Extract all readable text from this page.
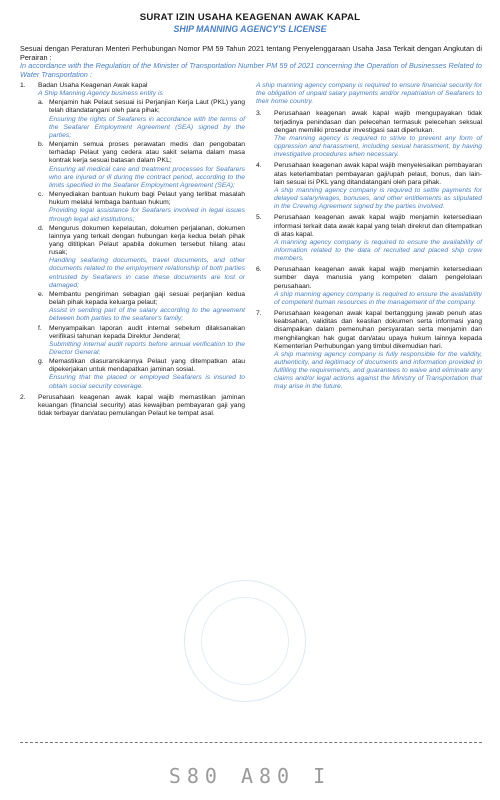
SURAT IZIN USAHA KEAGENAN AWAK KAPAL
SHIP MANNING AGENCY'S LICENSE

Sesuai dengan Peraturan Menteri Perhubungan Nomor PM 59 Tahun 2021 tentang Penyelenggaraan Usaha Jasa Terkait dengan Angkutan di Perairan :

In accordance with the Regulation of the Minister of Transportation Number PM 59 of 2021 concerning the Operation of Businesses Related to Water Transportation :

1. Badan Usaha Keagenan Awak kapal

A Ship Manning Agency business entity is

a. Menjamin hak Pelaut sesuai isi Perjanjian Kerja Laut (PKL) yang telah ditandatangani oleh para pihak;

Ensuring the rights of Seafarers in accordance with the terms of the Seafarer Employment Agreement (SEA) signed by the parties;

b. Menjamin semua proses perawatan medis dan pengobatan terhadap Pelaut yang cedera atau sakit selama dalam masa kontrak kerja sesuai batasan dalam PKL;

Ensuring all medical care and treatment processes for Seafarers who are injured or ill during the contract period, according to the limits specified in the Seafarer Employment Agreement (SEA);

c. Menyediakan bantuan hukum bagi Pelaut yang terlibat masalah hukum melalui lembaga bantuan hukum;

Providing legal assistance for Seafarers involved in legal issues through legal aid institutions;

d. Mengurus dokumen kepelautan, dokumen perjalanan, dokumen lainnya yang terkait dengan hubungan kerja kedua belah pihak yang dititipkan Pelaut apabila dokumen tersebut hilang atau rusak;

Handling seafaring documents, travel documents, and other documents related to the employment relationship of both parties entrusted by Seafarers in case these documents are lost or damaged;

e. Membantu pengiriman sebagian gaji sesuai perjanjian kedua belah pihak kepada keluarga pelaut;

Assist in sending part of the salary according to the agreement between both parties to the seafarer's family;

f. Menyampaikan laporan audit internal sebelum dilaksanakan verifikasi tahunan kepada Direktur Jenderal;

Submitting internal audit reports before annual verification to the Director General;

g. Memastikan diasuransikannya Pelaut yang ditempatkan atau dipekerjakan untuk mendapatkan jaminan sosial.

Ensuring that the placed or employed Seafarers is insured to obtain social security coverage.

2. Perusahaan keagenan awak kapal wajib memastikan jaminan keuangan (financial security) atas kewajiban pembayaran gaji yang tidak terbayar dan/atau pemulangan Pelaut ke tempat asal.

A ship manning agency company is required to ensure financial security for the obligation of unpaid salary payments and/or repatriation of Seafarers to their home country.

3. Perusahaan keagenan awak kapal wajib mengupayakan tidak terjadinya penindasan dan pelecehan termasuk pelecehan seksual dengan memiliki prosedur investigasi saat diperlukan.

The manning agency is required to strive to prevent any form of oppression and harassment, including sexual harassment, by having investigative procedures when necessary.

4. Perusahaan keagenan awak kapal wajib menyelesaikan pembayaran atas keterlambatan pembayaran gaji/upah pelaut, bonus, dan lain-lain sesuai isi PKL yang ditandatangani oleh para pihak.

A ship manning agency company is required to settle payments for delayed salary/wages, bonuses, and other entitlements as stipulated in the Crewing Agreement signed by the parties involved.

5. Perusahaan keagenan awak kapal wajib menjamin ketersediaan informasi terkait data awak kapal yang telah direkrut dan ditempatkan di atas kapal.

A manning agency company is required to ensure the availability of information related to the data of recruited and placed ship crew members.

6. Perusahaan keagenan awak kapal wajib menjamin ketersediaan sumber daya manusia yang kompeten dalam pengelolaan perusahaan.

A ship manning agency company is required to ensure the availability of competent human resources in the management of the company.

7. Perusahaan keagenan awak kapal bertanggung jawab penuh atas keabsahan, validitas dan keaslian dokumen serta informasi yang disampaikan dalam pemenuhan persyaratan serta menjamin dan menghilangkan hak gugat dan/atau upaya hukum lainnya kepada Kementerian Perhubungan yang timbul dikemudian hari.

A ship manning agency company is fully responsible for the validity, authenticity, and legitimacy of documents and information provided in fulfilling the requirements, and guarantees to waive and eliminate any claims and/or legal actions against the Ministry of Transportation that may arise in the future.

S80 A80 I
